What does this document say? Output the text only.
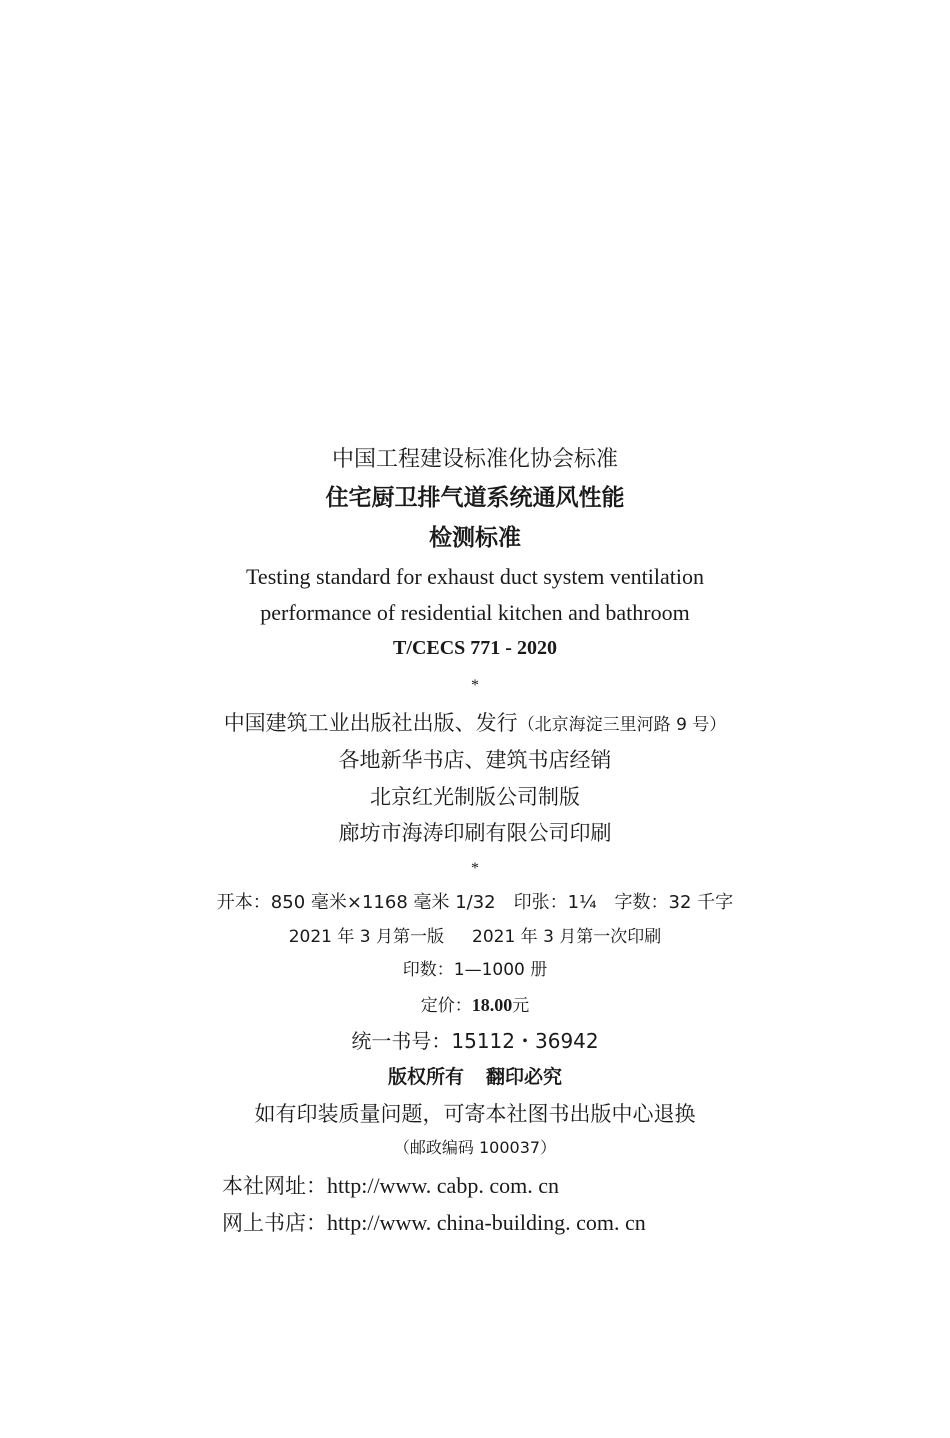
中国工程建设标准化协会标准
住宅厨卫排气道系统通风性能
检测标准
Testing standard for exhaust duct system ventilation
performance of residential kitchen and bathroom
T/CECS 771 - 2020
*
中国建筑工业出版社出版、发行（北京海淀三里河路 9 号）
各地新华书店、建筑书店经销
北京红光制版公司制版
廊坊市海涛印刷有限公司印刷
*
开本：850 毫米×1168 毫米 1/32 印张：1¼ 字数：32 千字
2021 年 3 月第一版 2021 年 3 月第一次印刷
印数：1—1000 册
定价：18.00元
统一书号：15112・36942
版权所有 翻印必究
如有印装质量问题，可寄本社图书出版中心退换
（邮政编码 100037）
本社网址：http://www. cabp. com. cn
网上书店：http://www. china-building. com. cn
